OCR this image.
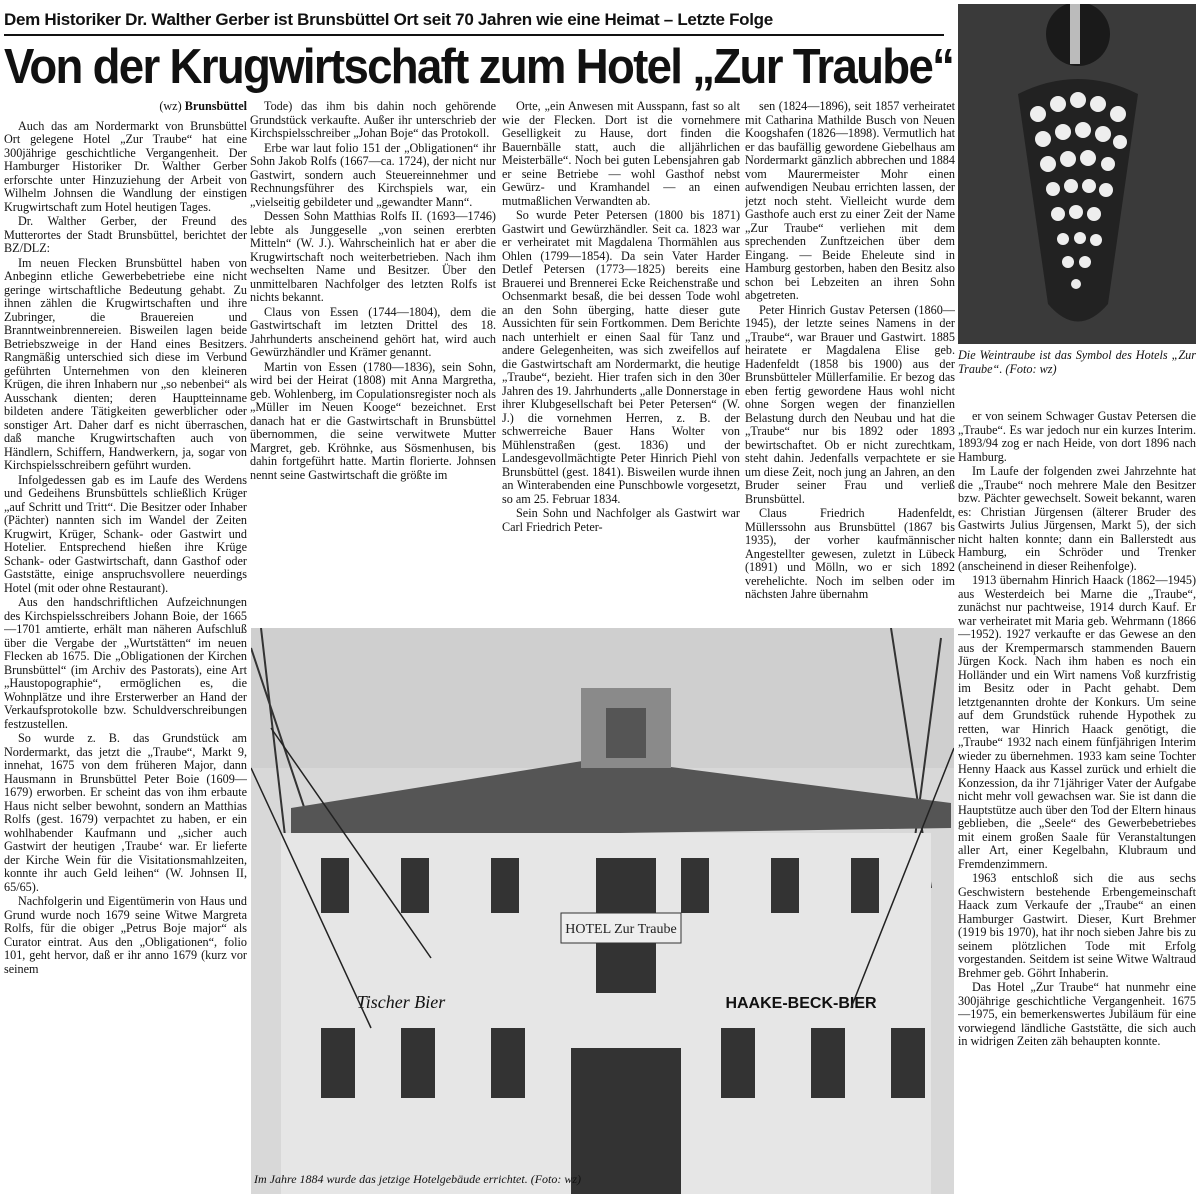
Dem Historiker Dr. Walther Gerber ist Brunsbüttel Ort seit 70 Jahren wie eine Heimat – Letzte Folge
Von der Krugwirtschaft zum Hotel „Zur Traube“
(wz) Brunsbüttel

Auch das am Nordermarkt von Brunsbüttel Ort gelegene Hotel „Zur Traube“ hat eine 300jährige geschichtliche Vergangenheit. Der Hamburger Historiker Dr. Walther Gerber erforschte unter Hinzuziehung der Arbeit von Wilhelm Johnsen die Wandlung der einstigen Krugwirtschaft zum Hotel heutigen Tages.

Dr. Walther Gerber, der Freund des Mutterortes der Stadt Brunsbüttel, berichtet der BZ/DLZ:

Im neuen Flecken Brunsbüttel haben von Anbeginn etliche Gewerbebetriebe eine nicht geringe wirtschaftliche Bedeutung gehabt. Zu ihnen zählen die Krugwirtschaften und ihre Zubringer, die Brauereien und Branntweinbrennereien. Bisweilen lagen beide Betriebszweige in der Hand eines Besitzers. Rangmäßig unterschied sich diese im Verbund geführten Unternehmen von den kleineren Krügen, die ihren Inhabern nur „so nebenbei“ als Ausschank dienten; deren Hauptteinname bildeten andere Tätigkeiten gewerblicher oder sonstiger Art. Daher darf es nicht überraschen, daß manche Krugwirtschaften auch von Händlern, Schiffern, Handwerkern, ja, sogar von Kirchspielsschreibern geführt wurden.

Infolgedessen gab es im Laufe des Werdens und Gedeihens Brunsbüttels schließlich Krüger „auf Schritt und Tritt“. Die Besitzer oder Inhaber (Pächter) nannten sich im Wandel der Zeiten Krugwirt, Krüger, Schank- oder Gastwirt und Hotelier. Entsprechend hießen ihre Krüge Schank- oder Gastwirtschaft, dann Gasthof oder Gaststätte, einige anspruchsvollere neuerdings Hotel (mit oder ohne Restaurant).

Aus den handschriftlichen Aufzeichnungen des Kirchspielsschreibers Johann Boie, der 1665—1701 amtierte, erhält man näheren Aufschluß über die Vergabe der „Wurtstätten“ im neuen Flecken ab 1675. Die „Obligationen der Kirchen Brunsbüttel“ (im Archiv des Pastorats), eine Art „Haustopographie“, ermöglichen es, die Wohnplätze und ihre Ersterwerber an Hand der Verkaufsprotokolle bzw. Schuldverschreibungen festzustellen.

So wurde z. B. das Grundstück am Nordermarkt, das jetzt die „Traube“, Markt 9, innehat, 1675 von dem früheren Major, dann Hausmann in Brunsbüttel Peter Boie (1609—1679) erworben. Er scheint das von ihm erbaute Haus nicht selber bewohnt, sondern an Matthias Rolfs (gest. 1679) verpachtet zu haben, er ein wohlhabender Kaufmann und „sicher auch Gastwirt der heutigen ‚Traube‘ war. Er lieferte der Kirche Wein für die Visitationsmahlzeiten, konnte ihr auch Geld leihen“ (W. Johnsen II, 65/65).

Nachfolgerin und Eigentümerin von Haus und Grund wurde noch 1679 seine Witwe Margreta Rolfs, für die obiger „Petrus Boje major“ als Curator eintrat. Aus den „Obligationen“, folio 101, geht hervor, daß er ihr anno 1679 (kurz vor seinem

Tode) das ihm bis dahin noch gehörende Grundstück verkaufte. Außer ihr unterschrieb der Kirchspielsschreiber „Johan Boje“ das Protokoll.

Erbe war laut folio 151 der „Obligationen“ ihr Sohn Jakob Rolfs (1667—ca. 1724), der nicht nur Gastwirt, sondern auch Steuereinnehmer und Rechnungsführer des Kirchspiels war, ein „vielseitig gebildeter und „gewandter Mann“.

Dessen Sohn Matthias Rolfs II. (1693—1746) lebte als Junggeselle „von seinen ererbten Mitteln“ (W. J.). Wahrscheinlich hat er aber die Krugwirtschaft noch weiterbetrieben. Nach ihm wechselten Name und Besitzer. Über den unmittelbaren Nachfolger des letzten Rolfs ist nichts bekannt.

Claus von Essen (1744—1804), dem die Gastwirtschaft im letzten Drittel des 18. Jahrhunderts anscheinend gehört hat, wird auch Gewürzhändler und Krämer genannt.

Martin von Essen (1780—1836), sein Sohn, wird bei der Heirat (1808) mit Anna Margretha, geb. Wohlenberg, im Copulationsregister noch als „Müller im Neuen Kooge“ bezeichnet. Erst danach hat er die Gastwirtschaft in Brunsbüttel übernommen, die seine verwitwete Mutter Margret, geb. Kröhnke, aus Sösmenhusen, bis dahin fortgeführt hatte. Martin florierte. Johnsen nennt seine Gastwirtschaft die größte im

Orte, „ein Anwesen mit Ausspann, fast so alt wie der Flecken. Dort ist die vornehmere Geselligkeit zu Hause, dort finden die Bauernbälle statt, auch die alljährlichen Meisterbälle“. Noch bei guten Lebensjahren gab er seine Betriebe — wohl Gasthof nebst Gewürz- und Kramhandel — an einen mutmaßlichen Verwandten ab.

So wurde Peter Petersen (1800 bis 1871) Gastwirt und Gewürzhändler. Seit ca. 1823 war er verheiratet mit Magdalena Thormählen aus Ohlen (1799—1854). Da sein Vater Harder Detlef Petersen (1773—1825) bereits eine Brauerei und Brennerei Ecke Reichenstraße und Ochsenmarkt besaß, die bei dessen Tode wohl an den Sohn überging, hatte dieser gute Aussichten für sein Fortkommen. Dem Berichte nach unterhielt er einen Saal für Tanz und andere Gelegenheiten, was sich zweifellos auf die Gastwirtschaft am Nordermarkt, die heutige „Traube“, bezieht. Hier trafen sich in den 30er Jahren des 19. Jahrhunderts „alle Donnerstage in ihrer Klubgesellschaft bei Peter Petersen“ (W. J.) die vornehmen Herren, z. B. der schwerreiche Bauer Hans Wolter von Mühlenstraßen (gest. 1836) und der Landesgevollmächtigte Peter Hinrich Piehl von Brunsbüttel (gest. 1841). Bisweilen wurde ihnen an Winterabenden eine Punschbowle vorgesetzt, so am 25. Februar 1834.

Sein Sohn und Nachfolger als Gastwirt war Carl Friedrich Peter-

sen (1824—1896), seit 1857 verheiratet mit Catharina Mathilde Busch von Neuen Koogshafen (1826—1898). Vermutlich hat er das baufällig gewordene Giebelhaus am Nordermarkt gänzlich abbrechen und 1884 vom Maurermeister Mohr einen aufwendigen Neubau errichten lassen, der jetzt noch steht. Vielleicht wurde dem Gasthofe auch erst zu einer Zeit der Name „Zur Traube“ verliehen mit dem sprechenden Zunftzeichen über dem Eingang. — Beide Eheleute sind in Hamburg gestorben, haben den Besitz also schon bei Lebzeiten an ihren Sohn abgetreten.

Peter Hinrich Gustav Petersen (1860—1945), der letzte seines Namens in der „Traube“, war Brauer und Gastwirt. 1885 heiratete er Magdalena Elise geb. Hadenfeldt (1858 bis 1900) aus der Brunsbütteler Müllerfamilie. Er bezog das eben fertig gewordene Haus wohl nicht ohne Sorgen wegen der finanziellen Belastung durch den Neubau und hat die „Traube“ nur bis 1892 oder 1893 bewirtschaftet. Ob er nicht zurechtkam, steht dahin. Jedenfalls verpachtete er sie um diese Zeit, noch jung an Jahren, an den Bruder seiner Frau und verließ Brunsbüttel.

Claus Friedrich Hadenfeldt, Müllerssohn aus Brunsbüttel (1867 bis 1935), der vorher kaufmännischer Angestellter gewesen, zuletzt in Lübeck (1891) und Mölln, wo er sich 1892 verehelichte. Noch im selben oder im nächsten Jahre übernahm

Die Weintraube ist das Symbol des Hotels „Zur Traube“. (Foto: wz)

er von seinem Schwager Gustav Petersen die „Traube“. Es war jedoch nur ein kurzes Interim. 1893/94 zog er nach Heide, von dort 1896 nach Hamburg.

Im Laufe der folgenden zwei Jahrzehnte hat die „Traube“ noch mehrere Male den Besitzer bzw. Pächter gewechselt. Soweit bekannt, waren es: Christian Jürgensen (älterer Bruder des Gastwirts Julius Jürgensen, Markt 5), der sich nicht halten konnte; dann ein Ballerstedt aus Hamburg, ein Schröder und Trenker (anscheinend in dieser Reihenfolge).

1913 übernahm Hinrich Haack (1862—1945) aus Westerdeich bei Marne die „Traube“, zunächst nur pachtweise, 1914 durch Kauf. Er war verheiratet mit Maria geb. Wehrmann (1866—1952). 1927 verkaufte er das Gewese an den aus der Krempermarsch stammenden Bauern Jürgen Kock. Nach ihm haben es noch ein Holländer und ein Wirt namens Voß kurzfristig im Besitz oder in Pacht gehabt. Dem letztgenannten drohte der Konkurs. Um seine auf dem Grundstück ruhende Hypothek zu retten, war Hinrich Haack genötigt, die „Traube“ 1932 nach einem fünfjährigen Interim wieder zu übernehmen. 1933 kam seine Tochter Henny Haack aus Kassel zurück und erhielt die Konzession, da ihr 71jähriger Vater der Aufgabe nicht mehr voll gewachsen war. Sie ist dann die Hauptstütze auch über den Tod der Eltern hinaus geblieben, die „Seele“ des Gewerbebetriebes mit einem großen Saale für Veranstaltungen aller Art, einer Kegelbahn, Klubraum und Fremdenzimmern.

1963 entschloß sich die aus sechs Geschwistern bestehende Erbengemeinschaft Haack zum Verkaufe der „Traube“ an einen Hamburger Gastwirt. Dieser, Kurt Brehmer (1919 bis 1970), hat ihr noch sieben Jahre bis zu seinem plötzlichen Tode mit Erfolg vorgestanden. Seitdem ist seine Witwe Waltraud Brehmer geb. Göhrt Inhaberin.

Das Hotel „Zur Traube“ hat nunmehr eine 300jährige geschichtliche Vergangenheit. 1675—1975, ein bemerkenswertes Jubiläum für eine vorwiegend ländliche Gaststätte, die sich auch in widrigen Zeiten zäh behaupten konnte.

HOTEL Zur Traube
Tischer Bier	HAAKE-BECK-BIER
Im Jahre 1884 wurde das jetzige Hotelgebäude errichtet. (Foto: wz)
